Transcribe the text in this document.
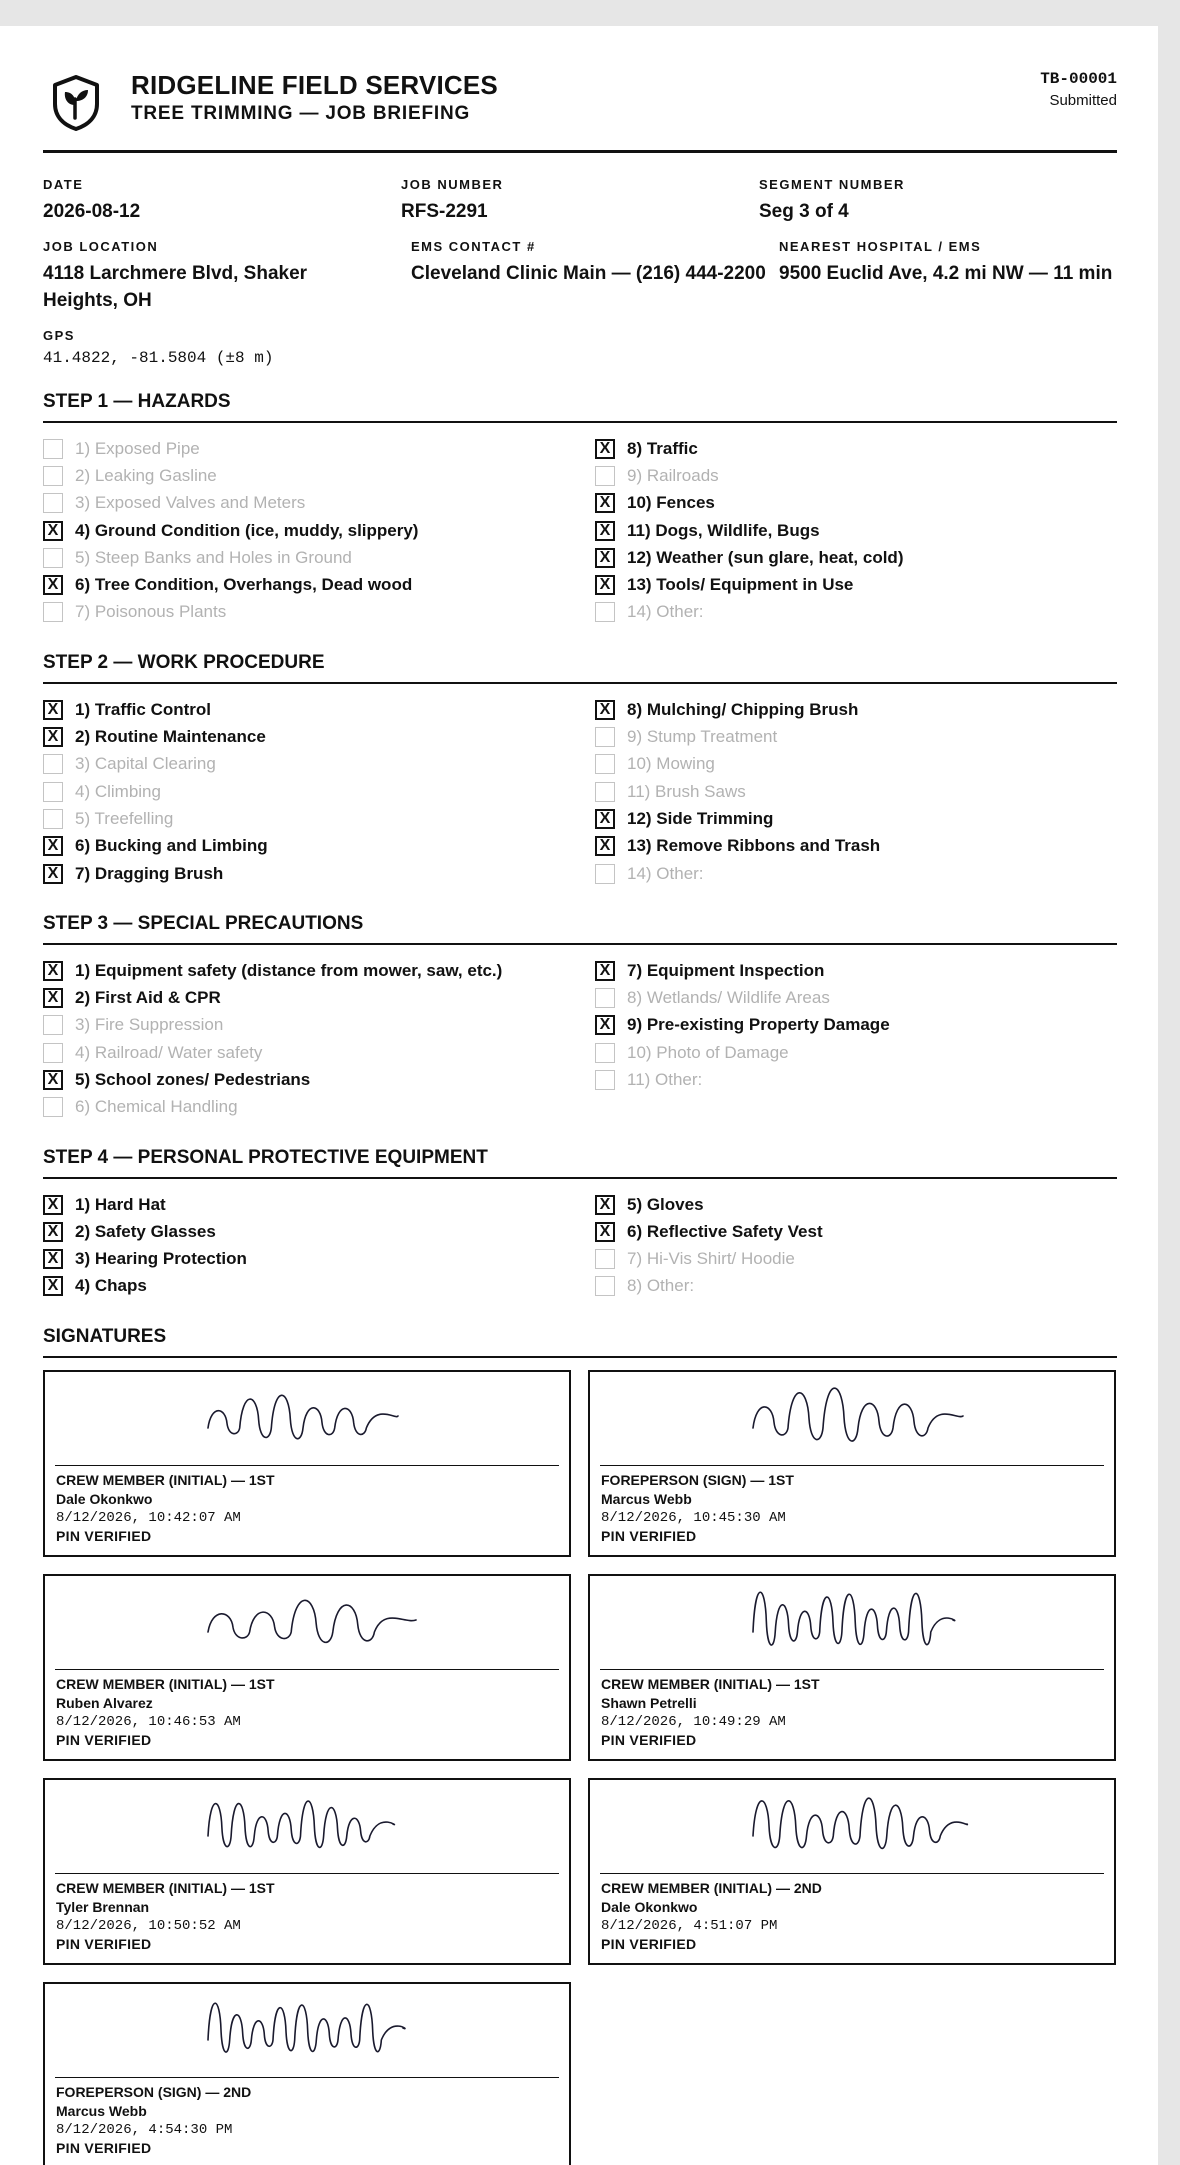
RIDGELINE FIELD SERVICES
TREE TRIMMING — JOB BRIEFING
TB-00001
Submitted
DATE
2026-08-12
JOB NUMBER
RFS-2291
SEGMENT NUMBER
Seg 3 of 4
JOB LOCATION
4118 Larchmere Blvd, Shaker Heights, OH
EMS CONTACT #
Cleveland Clinic Main — (216) 444-2200
NEAREST HOSPITAL / EMS
9500 Euclid Ave, 4.2 mi NW — 11 min
GPS
41.4822, -81.5804 (±8 m)
STEP 1 — HAZARDS
1) Exposed Pipe
2) Leaking Gasline
3) Exposed Valves and Meters
X 4) Ground Condition (ice, muddy, slippery)
5) Steep Banks and Holes in Ground
X 6) Tree Condition, Overhangs, Dead wood
7) Poisonous Plants
X 8) Traffic
9) Railroads
X 10) Fences
X 11) Dogs, Wildlife, Bugs
X 12) Weather (sun glare, heat, cold)
X 13) Tools/ Equipment in Use
14) Other:
STEP 2 — WORK PROCEDURE
X 1) Traffic Control
X 2) Routine Maintenance
3) Capital Clearing
4) Climbing
5) Treefelling
X 6) Bucking and Limbing
X 7) Dragging Brush
X 8) Mulching/ Chipping Brush
9) Stump Treatment
10) Mowing
11) Brush Saws
X 12) Side Trimming
X 13) Remove Ribbons and Trash
14) Other:
STEP 3 — SPECIAL PRECAUTIONS
X 1) Equipment safety (distance from mower, saw, etc.)
X 2) First Aid & CPR
3) Fire Suppression
4) Railroad/ Water safety
X 5) School zones/ Pedestrians
6) Chemical Handling
X 7) Equipment Inspection
8) Wetlands/ Wildlife Areas
X 9) Pre-existing Property Damage
10) Photo of Damage
11) Other:
STEP 4 — PERSONAL PROTECTIVE EQUIPMENT
X 1) Hard Hat
X 2) Safety Glasses
X 3) Hearing Protection
X 4) Chaps
X 5) Gloves
X 6) Reflective Safety Vest
7) Hi-Vis Shirt/ Hoodie
8) Other:
SIGNATURES
CREW MEMBER (INITIAL) — 1ST
Dale Okonkwo
8/12/2026, 10:42:07 AM
PIN VERIFIED
FOREPERSON (SIGN) — 1ST
Marcus Webb
8/12/2026, 10:45:30 AM
PIN VERIFIED
CREW MEMBER (INITIAL) — 1ST
Ruben Alvarez
8/12/2026, 10:46:53 AM
PIN VERIFIED
CREW MEMBER (INITIAL) — 1ST
Shawn Petrelli
8/12/2026, 10:49:29 AM
PIN VERIFIED
CREW MEMBER (INITIAL) — 1ST
Tyler Brennan
8/12/2026, 10:50:52 AM
PIN VERIFIED
CREW MEMBER (INITIAL) — 2ND
Dale Okonkwo
8/12/2026, 4:51:07 PM
PIN VERIFIED
FOREPERSON (SIGN) — 2ND
Marcus Webb
8/12/2026, 4:54:30 PM
PIN VERIFIED
